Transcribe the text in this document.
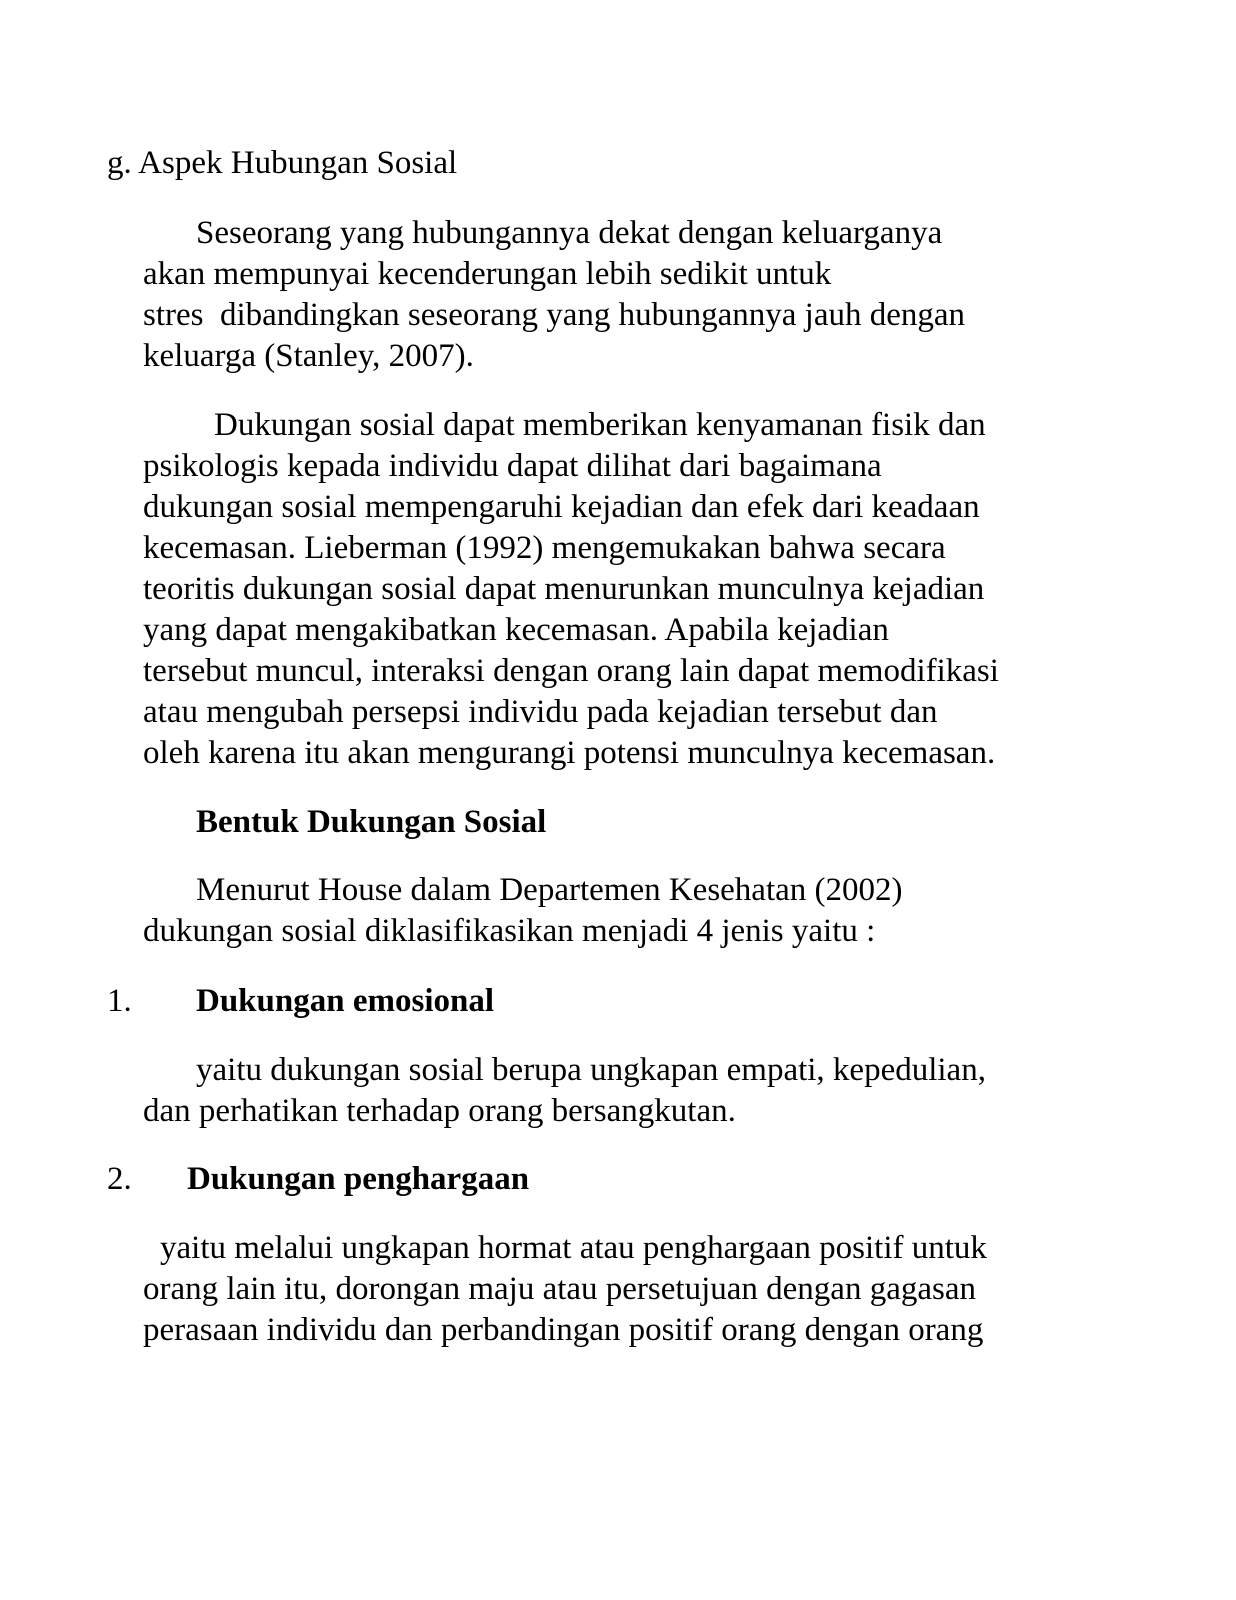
g. Aspek Hubungan Sosial
Seseorang yang hubungannya dekat dengan keluarganya
akan mempunyai kecenderungan lebih sedikit untuk
stres  dibandingkan seseorang yang hubungannya jauh dengan
keluarga (Stanley, 2007).
Dukungan sosial dapat memberikan kenyamanan fisik dan
psikologis kepada individu dapat dilihat dari bagaimana
dukungan sosial mempengaruhi kejadian dan efek dari keadaan
kecemasan. Lieberman (1992) mengemukakan bahwa secara
teoritis dukungan sosial dapat menurunkan munculnya kejadian
yang dapat mengakibatkan kecemasan. Apabila kejadian
tersebut muncul, interaksi dengan orang lain dapat memodifikasi
atau mengubah persepsi individu pada kejadian tersebut dan
oleh karena itu akan mengurangi potensi munculnya kecemasan.
Bentuk Dukungan Sosial
Menurut House dalam Departemen Kesehatan (2002)
dukungan sosial diklasifikasikan menjadi 4 jenis yaitu :
1. Dukungan emosional
yaitu dukungan sosial berupa ungkapan empati, kepedulian,
dan perhatikan terhadap orang bersangkutan.
2. Dukungan penghargaan
yaitu melalui ungkapan hormat atau penghargaan positif untuk
orang lain itu, dorongan maju atau persetujuan dengan gagasan
perasaan individu dan perbandingan positif orang dengan orang
